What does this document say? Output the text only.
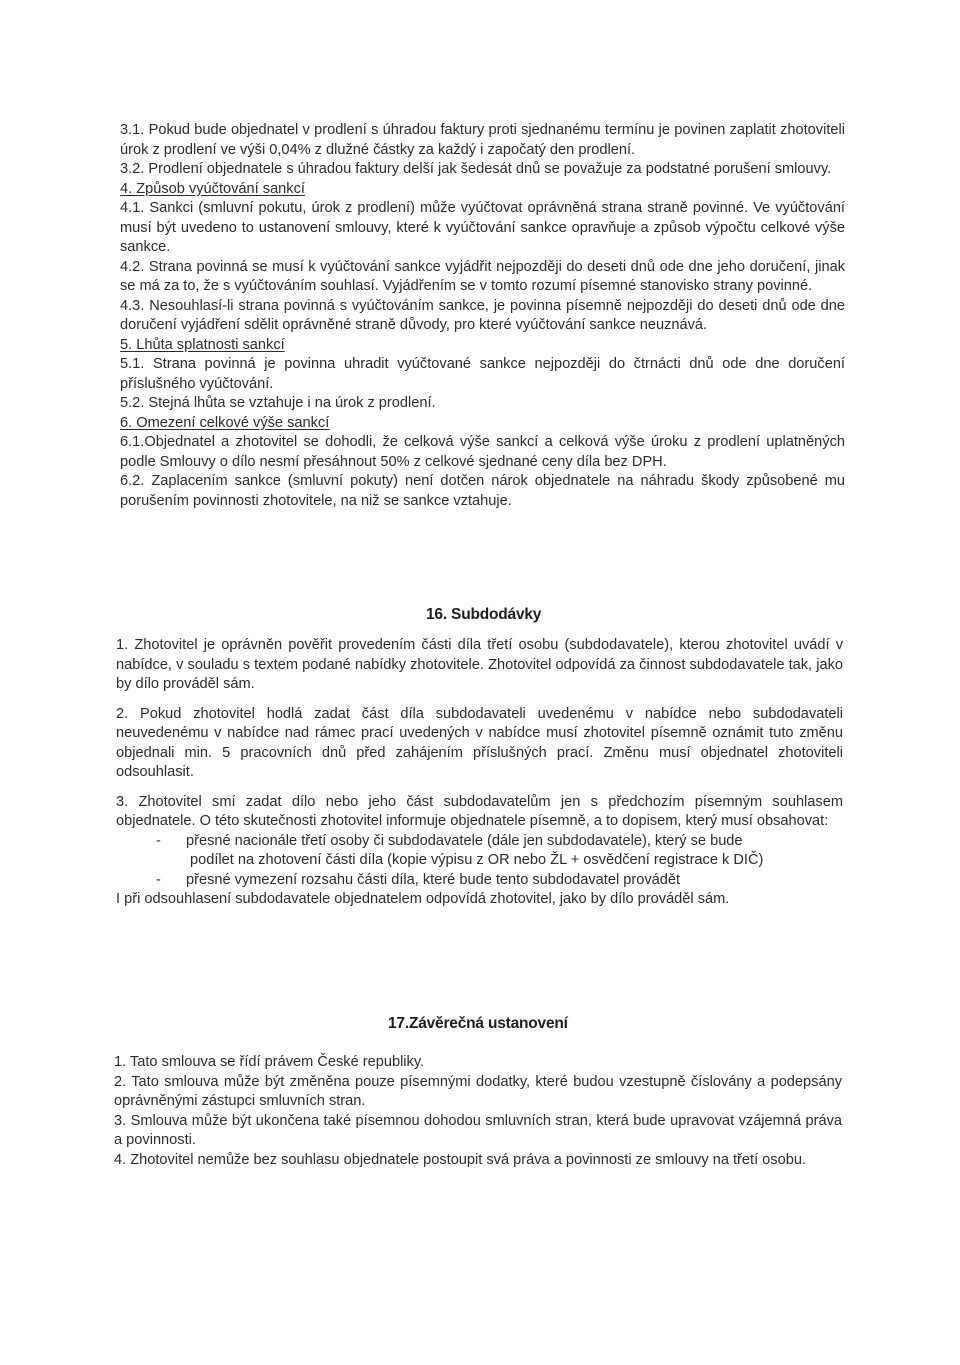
3.1. Pokud bude objednatel v prodlení s úhradou faktury proti sjednanému termínu je povinen zaplatit zhotoviteli úrok z prodlení ve výši 0,04% z dlužné částky za každý i započatý den prodlení.

3.2. Prodlení objednatele s úhradou faktury delší jak šedesát dnů se považuje za podstatné porušení smlouvy.

4. Způsob vyúčtování sankcí

4.1. Sankci (smluvní pokutu, úrok z prodlení) může vyúčtovat oprávněná strana straně povinné. Ve vyúčtování musí být uvedeno to ustanovení smlouvy, které k vyúčtování sankce opravňuje a způsob výpočtu celkové výše sankce.

4.2. Strana povinná se musí k vyúčtování sankce vyjádřit nejpozději do deseti dnů ode dne jeho doručení, jinak se má za to, že s vyúčtováním souhlasí. Vyjádřením se v tomto rozumí písemné stanovisko strany povinné.

4.3. Nesouhlasí-li strana povinná s vyúčtováním sankce, je povinna písemně nejpozději do deseti dnů ode dne doručení vyjádření sdělit oprávněné straně důvody, pro které vyúčtování sankce neuznává.

5. Lhůta splatnosti sankcí

5.1. Strana povinná je povinna uhradit vyúčtované sankce nejpozději do čtrnácti dnů ode dne doručení příslušného vyúčtování.

5.2. Stejná lhůta se vztahuje i na úrok z prodlení.

6. Omezení celkové výše sankcí

6.1.Objednatel a zhotovitel se dohodli, že celková výše sankcí a celková výše úroku z prodlení uplatněných podle Smlouvy o dílo nesmí přesáhnout 50% z celkové sjednané ceny díla bez DPH.

6.2. Zaplacením sankce (smluvní pokuty) není dotčen nárok objednatele na náhradu škody způsobené mu porušením povinnosti zhotovitele, na niž se sankce vztahuje.

16. Subdodávky

1. Zhotovitel je oprávněn pověřit provedením části díla třetí osobu (subdodavatele), kterou zhotovitel uvádí v nabídce, v souladu s textem podané nabídky zhotovitele. Zhotovitel odpovídá za činnost subdodavatele tak, jako by dílo prováděl sám.

2. Pokud zhotovitel hodlá zadat část díla subdodavateli uvedenému v nabídce nebo subdodavateli neuvedenému v nabídce nad rámec prací uvedených v nabídce musí zhotovitel písemně oznámit tuto změnu objednali min. 5 pracovních dnů před zahájením příslušných prací. Změnu musí objednatel zhotoviteli odsouhlasit.

3. Zhotovitel smí zadat dílo nebo jeho část subdodavatelům jen s předchozím písemným souhlasem objednatele. O této skutečnosti zhotovitel informuje objednatele písemně, a to dopisem, který musí obsahovat:

- přesné nacionále třetí osoby či subdodavatele (dále jen subdodavatele), který se bude
podílet na zhotovení části díla (kopie výpisu z OR nebo ŽL + osvědčení registrace k DIČ)
- přesné vymezení rozsahu části díla, které bude tento subdodavatel provádět

I při odsouhlasení subdodavatele objednatelem odpovídá zhotovitel, jako by dílo prováděl sám.

17.Závěrečná ustanovení

1. Tato smlouva se řídí právem České republiky.

2. Tato smlouva může být změněna pouze písemnými dodatky, které budou vzestupně číslovány a podepsány oprávněnými zástupci smluvních stran.

3. Smlouva může být ukončena také písemnou dohodou smluvních stran, která bude upravovat vzájemná práva a povinnosti.

4. Zhotovitel nemůže bez souhlasu objednatele postoupit svá práva a povinnosti ze smlouvy na třetí osobu.
